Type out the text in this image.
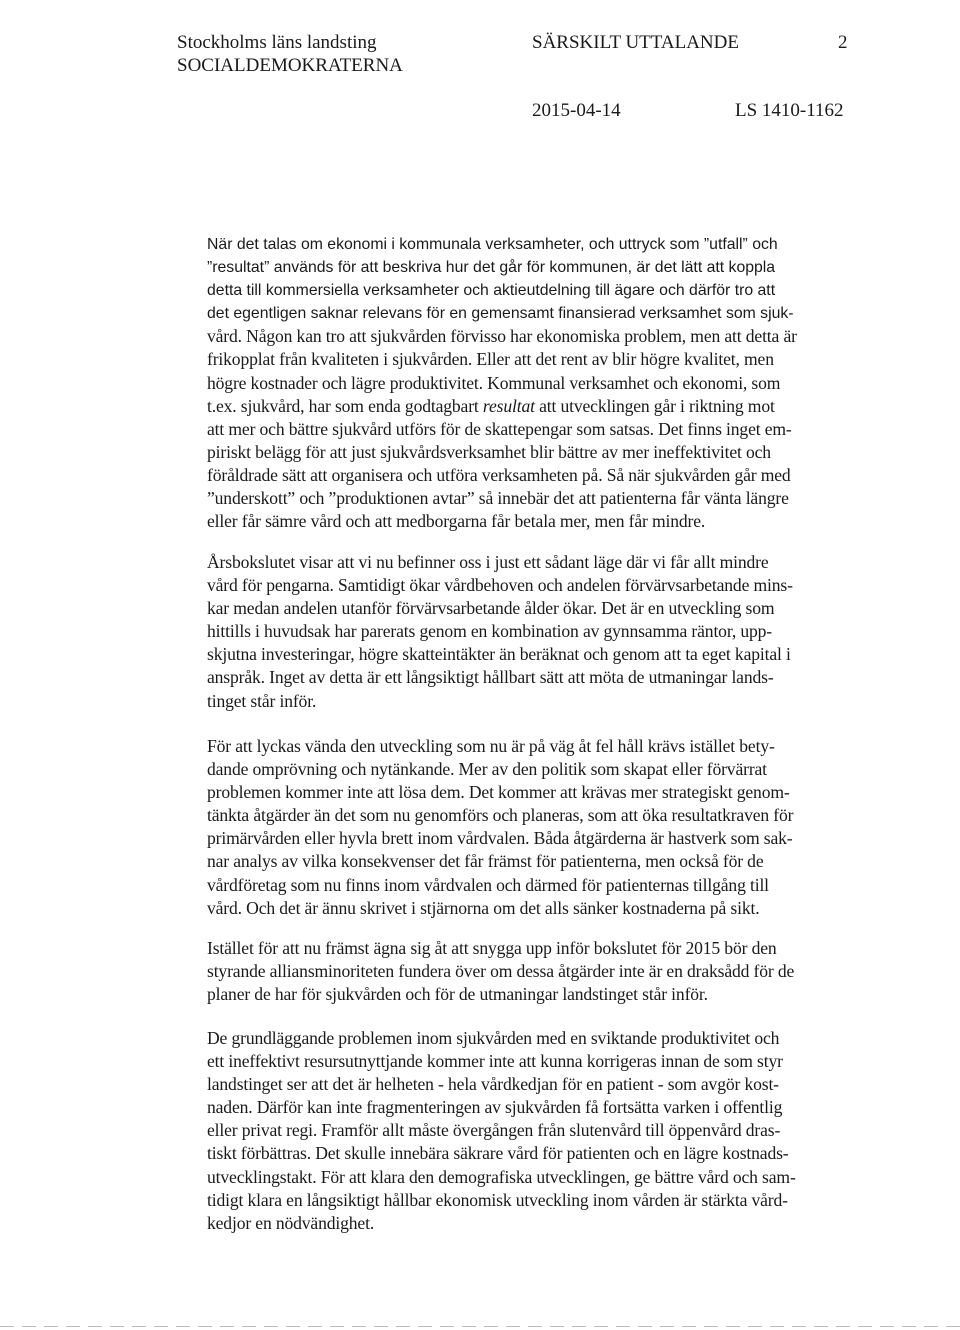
Stockholms läns landsting
SOCIALDEMOKRATERNA
SÄRSKILT UTTALANDE	2
2015-04-14	LS 1410-1162

När det talas om ekonomi i kommunala verksamheter, och uttryck som ”utfall” och
”resultat” används för att beskriva hur det går för kommunen, är det lätt att koppla
detta till kommersiella verksamheter och aktieutdelning till ägare och därför tro att
det egentligen saknar relevans för en gemensamt finansierad verksamhet som sjuk-

vård. Någon kan tro att sjukvården förvisso har ekonomiska problem, men att detta är
frikopplat från kvaliteten i sjukvården. Eller att det rent av blir högre kvalitet, men
högre kostnader och lägre produktivitet. Kommunal verksamhet och ekonomi, som
t.ex. sjukvård, har som enda godtagbart resultat att utvecklingen går i riktning mot
att mer och bättre sjukvård utförs för de skattepengar som satsas. Det finns inget em-
piriskt belägg för att just sjukvårdsverksamhet blir bättre av mer ineffektivitet och
föråldrade sätt att organisera och utföra verksamheten på. Så när sjukvården går med
”underskott” och ”produktionen avtar” så innebär det att patienterna får vänta längre
eller får sämre vård och att medborgarna får betala mer, men får mindre.

Årsbokslutet visar att vi nu befinner oss i just ett sådant läge där vi får allt mindre
vård för pengarna. Samtidigt ökar vårdbehoven och andelen förvärvsarbetande mins-
kar medan andelen utanför förvärvsarbetande ålder ökar. Det är en utveckling som
hittills i huvudsak har parerats genom en kombination av gynnsamma räntor, upp-
skjutna investeringar, högre skatteintäkter än beräknat och genom att ta eget kapital i
anspråk. Inget av detta är ett långsiktigt hållbart sätt att möta de utmaningar lands-
tinget står inför.

För att lyckas vända den utveckling som nu är på väg åt fel håll krävs istället bety-
dande omprövning och nytänkande. Mer av den politik som skapat eller förvärrat
problemen kommer inte att lösa dem. Det kommer att krävas mer strategiskt genom-
tänkta åtgärder än det som nu genomförs och planeras, som att öka resultatkraven för
primärvården eller hyvla brett inom vårdvalen. Båda åtgärderna är hastverk som sak-
nar analys av vilka konsekvenser det får främst för patienterna, men också för de
vårdföretag som nu finns inom vårdvalen och därmed för patienternas tillgång till
vård. Och det är ännu skrivet i stjärnorna om det alls sänker kostnaderna på sikt.

Istället för att nu främst ägna sig åt att snygga upp inför bokslutet för 2015 bör den
styrande alliansminoriteten fundera över om dessa åtgärder inte är en draksådd för de
planer de har för sjukvården och för de utmaningar landstinget står inför.

De grundläggande problemen inom sjukvården med en sviktande produktivitet och
ett ineffektivt resursutnyttjande kommer inte att kunna korrigeras innan de som styr
landstinget ser att det är helheten - hela vårdkedjan för en patient - som avgör kost-
naden. Därför kan inte fragmenteringen av sjukvården få fortsätta varken i offentlig
eller privat regi. Framför allt måste övergången från slutenvård till öppenvård dras-
tiskt förbättras. Det skulle innebära säkrare vård för patienten och en lägre kostnads-
utvecklingstakt. För att klara den demografiska utvecklingen, ge bättre vård och sam-
tidigt klara en långsiktigt hållbar ekonomisk utveckling inom vården är stärkta vård-
kedjor en nödvändighet.
